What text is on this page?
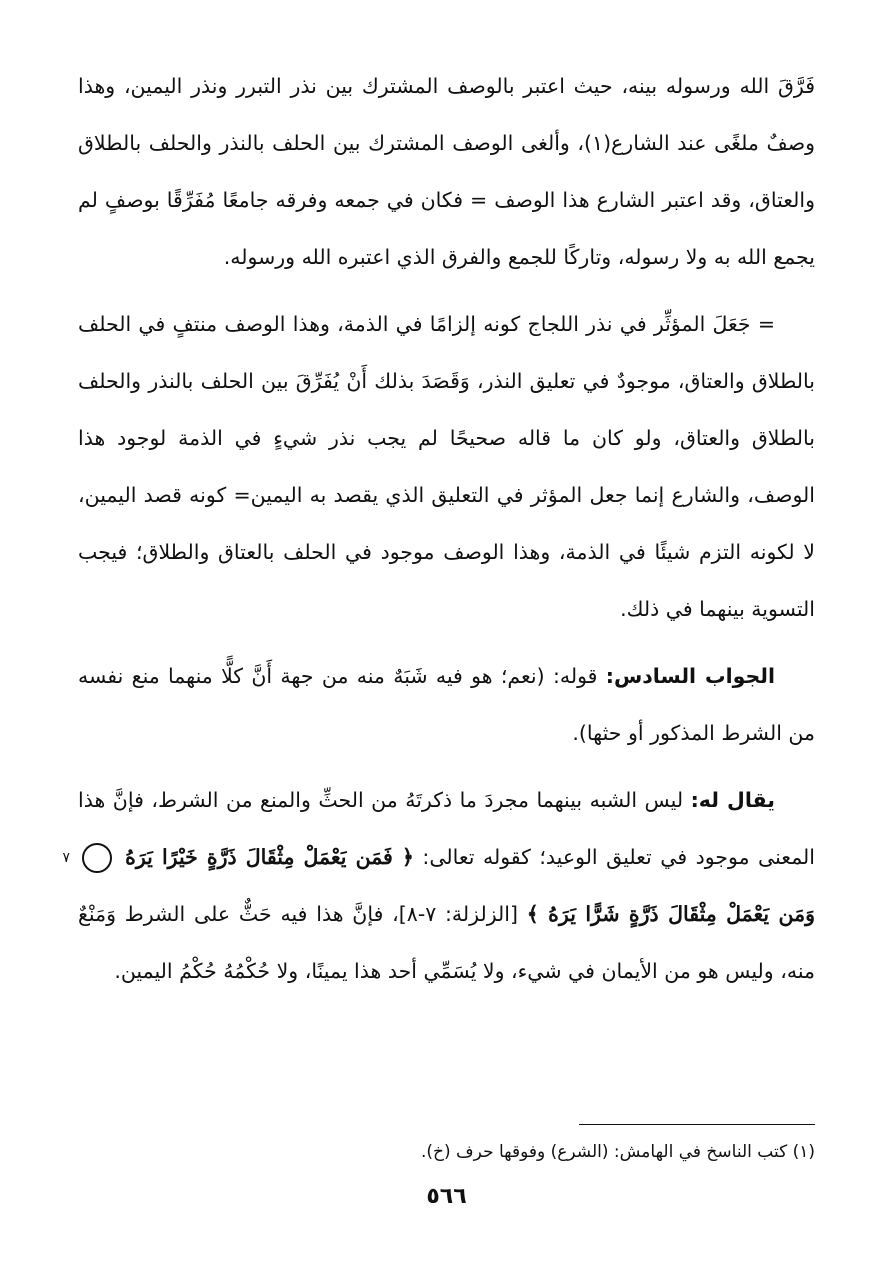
فَرَّقَ الله ورسوله بينه، حيث اعتبر بالوصف المشترك بين نذر التبرر ونذر اليمين، وهذا وصفٌ ملغًى عند الشارع(١)، وألغى الوصف المشترك بين الحلف بالنذر والحلف بالطلاق والعتاق، وقد اعتبر الشارع هذا الوصف = فكان في جمعه وفرقه جامعًا مُفَرِّقًا بوصفٍ لم يجمع الله به ولا رسوله، وتاركًا للجمع والفرق الذي اعتبره الله ورسوله.

= جَعَلَ المؤثِّر في نذر اللجاج كونه إلزامًا في الذمة، وهذا الوصف منتفٍ في الحلف بالطلاق والعتاق، موجودٌ في تعليق النذر، وَقَصَدَ بذلك أَنْ يُفَرِّقَ بين الحلف بالنذر والحلف بالطلاق والعتاق، ولو كان ما قاله صحيحًا لم يجب نذر شيءٍ في الذمة لوجود هذا الوصف، والشارع إنما جعل المؤثر في التعليق الذي يقصد به اليمين= كونه قصد اليمين، لا لكونه التزم شيئًا في الذمة، وهذا الوصف موجود في الحلف بالعتاق والطلاق؛ فيجب التسوية بينهما في ذلك.

الجواب السادس: قوله: (نعم؛ هو فيه شَبَهٌ منه من جهة أَنَّ كلًّا منهما منع نفسه من الشرط المذكور أو حثها).

يقال له: ليس الشبه بينهما مجردَ ما ذكرتَهُ من الحثِّ والمنع من الشرط، فإنَّ هذا المعنى موجود في تعليق الوعيد؛ كقوله تعالى: ﴿ فَمَن يَعْمَلْ مِثْقَالَ ذَرَّةٍ خَيْرًا يَرَهُ ٧ وَمَن يَعْمَلْ مِثْقَالَ ذَرَّةٍ شَرًّا يَرَهُ ﴾ [الزلزلة: ٧-٨]، فإنَّ هذا فيه حَثٌّ على الشرط وَمَنْعٌ منه، وليس هو من الأيمان في شيء، ولا يُسَمِّي أحد هذا يمينًا، ولا حُكْمُهُ حُكْمُ اليمين.

(١) كتب الناسخ في الهامش: (الشرع) وفوقها حرف (خ).
٥٦٦
